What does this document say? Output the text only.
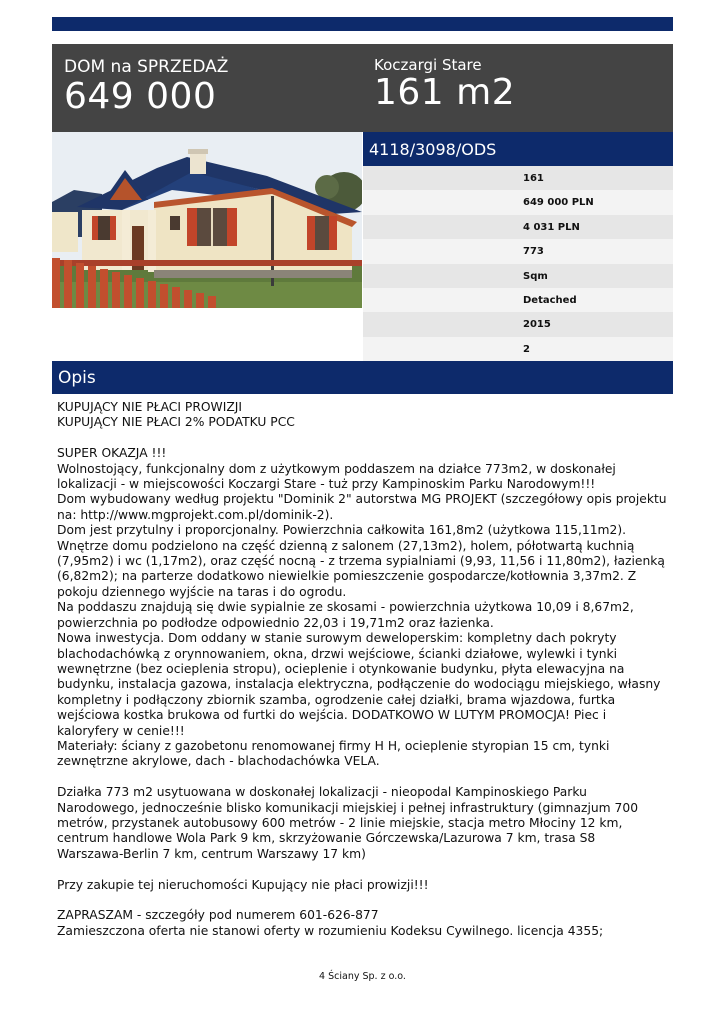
DOM na SPRZEDAŻ
649 000
Koczargi Stare
161 m2
4118/3098/ODS
161
649 000 PLN
4 031 PLN
773
Sqm
Detached
2015
2
Opis
KUPUJĄCY NIE PŁACI PROWIZJI
KUPUJĄCY NIE PŁACI 2% PODATKU PCC

SUPER OKAZJA !!!
Wolnostojący, funkcjonalny dom z użytkowym poddaszem na działce 773m2, w doskonałej
lokalizacji - w miejscowości Koczargi Stare - tuż przy Kampinoskim Parku Narodowym!!!
Dom wybudowany według projektu "Dominik 2" autorstwa MG PROJEKT (szczegółowy opis projektu
na: http://www.mgprojekt.com.pl/dominik-2).
Dom jest przytulny i proporcjonalny. Powierzchnia całkowita 161,8m2 (użytkowa 115,11m2).
Wnętrze domu podzielono na część dzienną z salonem (27,13m2), holem, półotwartą kuchnią
(7,95m2) i wc (1,17m2), oraz część nocną - z trzema sypialniami (9,93, 11,56 i 11,80m2), łazienką
(6,82m2); na parterze dodatkowo niewielkie pomieszczenie gospodarcze/kotłownia 3,37m2. Z
pokoju dziennego wyjście na taras i do ogrodu.
Na poddaszu znajdują się dwie sypialnie ze skosami - powierzchnia użytkowa 10,09 i 8,67m2,
powierzchnia po podłodze odpowiednio 22,03 i 19,71m2 oraz łazienka.
Nowa inwestycja. Dom oddany w stanie surowym deweloperskim: kompletny dach pokryty
blachodachówką z orynnowaniem, okna, drzwi wejściowe, ścianki działowe, wylewki i tynki
wewnętrzne (bez ocieplenia stropu), ocieplenie i otynkowanie budynku, płyta elewacyjna na
budynku, instalacja gazowa, instalacja elektryczna, podłączenie do wodociągu miejskiego, własny
kompletny i podłączony zbiornik szamba, ogrodzenie całej działki, brama wjazdowa, furtka
wejściowa kostka brukowa od furtki do wejścia. DODATKOWO W LUTYM PROMOCJA! Piec i
kaloryfery w cenie!!!
Materiały: ściany z gazobetonu renomowanej firmy H H, ocieplenie styropian 15 cm, tynki
zewnętrzne akrylowe, dach - blachodachówka VELA.

Działka 773 m2 usytuowana w doskonałej lokalizacji - nieopodal Kampinoskiego Parku
Narodowego, jednocześnie blisko komunikacji miejskiej i pełnej infrastruktury (gimnazjum 700
metrów, przystanek autobusowy 600 metrów - 2 linie miejskie, stacja metro Młociny 12 km,
centrum handlowe Wola Park 9 km, skrzyżowanie Górczewska/Lazurowa 7 km, trasa S8
Warszawa-Berlin 7 km, centrum Warszawy 17 km)

Przy zakupie tej nieruchomości Kupujący nie płaci prowizji!!!

ZAPRASZAM - szczegóły pod numerem 601-626-877
Zamieszczona oferta nie stanowi oferty w rozumieniu Kodeksu Cywilnego. licencja 4355;
4 Ściany Sp. z o.o.
